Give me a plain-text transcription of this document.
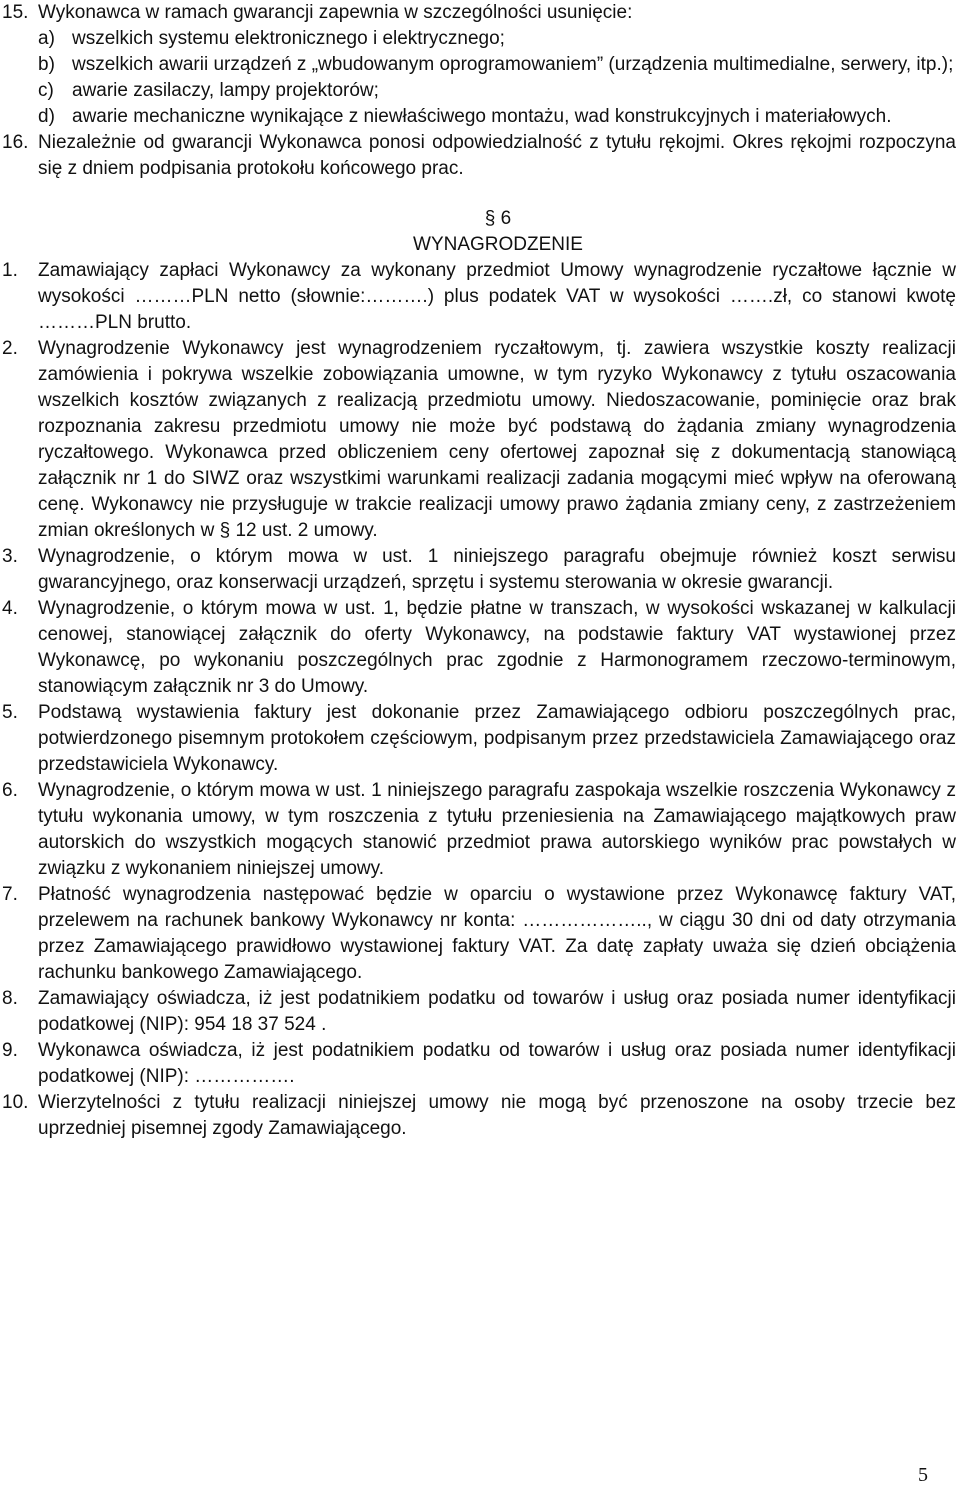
15. Wykonawca w ramach gwarancji zapewnia w szczególności usunięcie:
a) wszelkich systemu elektronicznego i elektrycznego;
b) wszelkich awarii urządzeń z „wbudowanym oprogramowaniem” (urządzenia multimedialne, serwery, itp.);
c) awarie zasilaczy, lampy projektorów;
d) awarie mechaniczne wynikające z niewłaściwego montażu, wad konstrukcyjnych i materiałowych.
16. Niezależnie od gwarancji Wykonawca ponosi odpowiedzialność z tytułu rękojmi. Okres rękojmi rozpoczyna się z dniem podpisania protokołu końcowego prac.
§ 6
WYNAGRODZENIE
1. Zamawiający zapłaci Wykonawcy za wykonany przedmiot Umowy wynagrodzenie ryczałtowe łącznie w wysokości ………PLN netto (słownie:……….) plus podatek VAT w wysokości …….zł, co stanowi kwotę ………PLN brutto.
2. Wynagrodzenie Wykonawcy jest wynagrodzeniem ryczałtowym, tj. zawiera wszystkie koszty realizacji zamówienia i pokrywa wszelkie zobowiązania umowne, w tym ryzyko Wykonawcy z tytułu oszacowania wszelkich kosztów związanych z realizacją przedmiotu umowy. Niedoszacowanie, pominięcie oraz brak rozpoznania zakresu przedmiotu umowy nie może być podstawą do żądania zmiany wynagrodzenia ryczałtowego. Wykonawca przed obliczeniem ceny ofertowej zapoznał się z dokumentacją stanowiącą załącznik nr 1 do SIWZ oraz wszystkimi warunkami realizacji zadania mogącymi mieć wpływ na oferowaną cenę. Wykonawcy nie przysługuje w trakcie realizacji umowy prawo żądania zmiany ceny, z zastrzeżeniem zmian określonych w § 12 ust. 2 umowy.
3. Wynagrodzenie, o którym mowa w ust. 1 niniejszego paragrafu obejmuje również koszt serwisu gwarancyjnego, oraz konserwacji urządzeń, sprzętu i systemu sterowania w okresie gwarancji.
4. Wynagrodzenie, o którym mowa w ust. 1, będzie płatne w transzach, w wysokości wskazanej w kalkulacji cenowej, stanowiącej załącznik do oferty Wykonawcy, na podstawie faktury VAT wystawionej przez Wykonawcę, po wykonaniu poszczególnych prac zgodnie z Harmonogramem rzeczowo-terminowym, stanowiącym załącznik nr 3 do Umowy.
5. Podstawą wystawienia faktury jest dokonanie przez Zamawiającego odbioru poszczególnych prac, potwierdzonego pisemnym protokołem częściowym, podpisanym przez przedstawiciela Zamawiającego oraz przedstawiciela Wykonawcy.
6. Wynagrodzenie, o którym mowa w ust. 1 niniejszego paragrafu zaspokaja wszelkie roszczenia Wykonawcy z tytułu wykonania umowy, w tym roszczenia z tytułu przeniesienia na Zamawiającego majątkowych praw autorskich do wszystkich mogących stanowić przedmiot prawa autorskiego wyników prac powstałych w związku z wykonaniem niniejszej umowy.
7. Płatność wynagrodzenia następować będzie w oparciu o wystawione przez Wykonawcę faktury VAT, przelewem na rachunek bankowy Wykonawcy nr konta: ……………….., w ciągu 30 dni od daty otrzymania przez Zamawiającego prawidłowo wystawionej faktury VAT. Za datę zapłaty uważa się dzień obciążenia rachunku bankowego Zamawiającego.
8. Zamawiający oświadcza, iż jest podatnikiem podatku od towarów i usług oraz posiada numer identyfikacji podatkowej (NIP): 954 18 37 524 .
9. Wykonawca oświadcza, iż jest podatnikiem podatku od towarów i usług oraz posiada numer identyfikacji podatkowej (NIP): …………….
10. Wierzytelności z tytułu realizacji niniejszej umowy nie mogą być przenoszone na osoby trzecie bez uprzedniej pisemnej zgody Zamawiającego.
5
